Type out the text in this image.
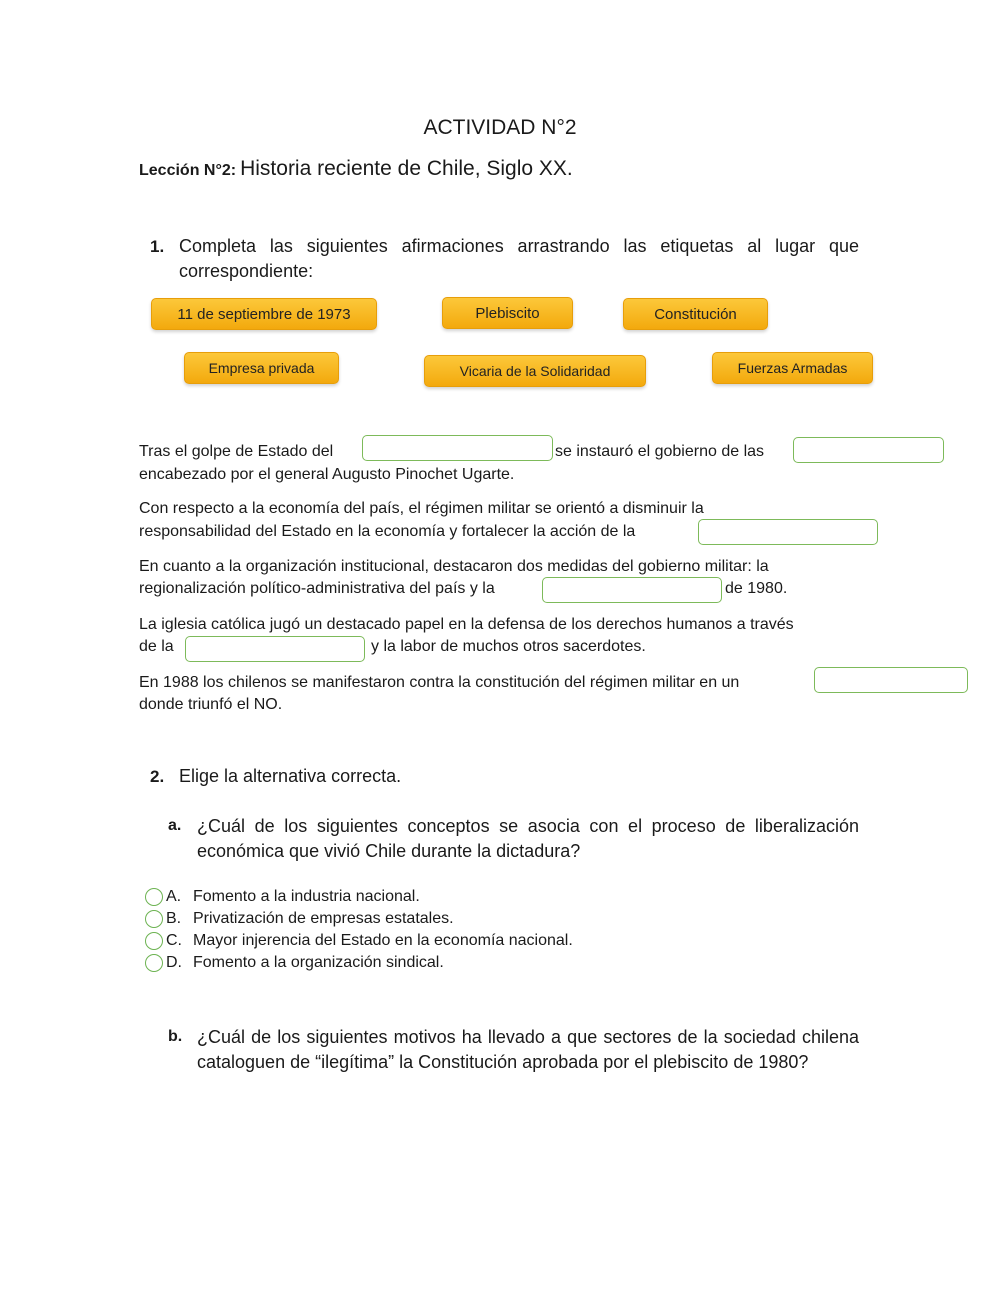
ACTIVIDAD N°2
Lección N°2: Historia reciente de Chile, Siglo XX.
1. Completa las siguientes afirmaciones arrastrando las etiquetas al lugar que correspondiente:
11 de septiembre de 1973	Plebiscito	Constitución
Empresa privada	Vicaria de la Solidaridad	Fuerzas Armadas
Tras el golpe de Estado del	se instauró el gobierno de las
encabezado por el general Augusto Pinochet Ugarte.
Con respecto a la economía del país, el régimen militar se orientó a disminuir la
responsabilidad del Estado en la economía y fortalecer la acción de la
En cuanto a la organización institucional, destacaron dos medidas del gobierno militar: la
regionalización político-administrativa del país y la	de 1980.
La iglesia católica jugó un destacado papel en la defensa de los derechos humanos a través
de la	y la labor de muchos otros sacerdotes.
En 1988 los chilenos se manifestaron contra la constitución del régimen militar en un
donde triunfó el NO.
2. Elige la alternativa correcta.
a. ¿Cuál de los siguientes conceptos se asocia con el proceso de liberalización económica que vivió Chile durante la dictadura?
A. Fomento a la industria nacional.
B. Privatización de empresas estatales.
C. Mayor injerencia del Estado en la economía nacional.
D. Fomento a la organización sindical.
b. ¿Cuál de los siguientes motivos ha llevado a que sectores de la sociedad chilena cataloguen de “ilegítima” la Constitución aprobada por el plebiscito de 1980?
